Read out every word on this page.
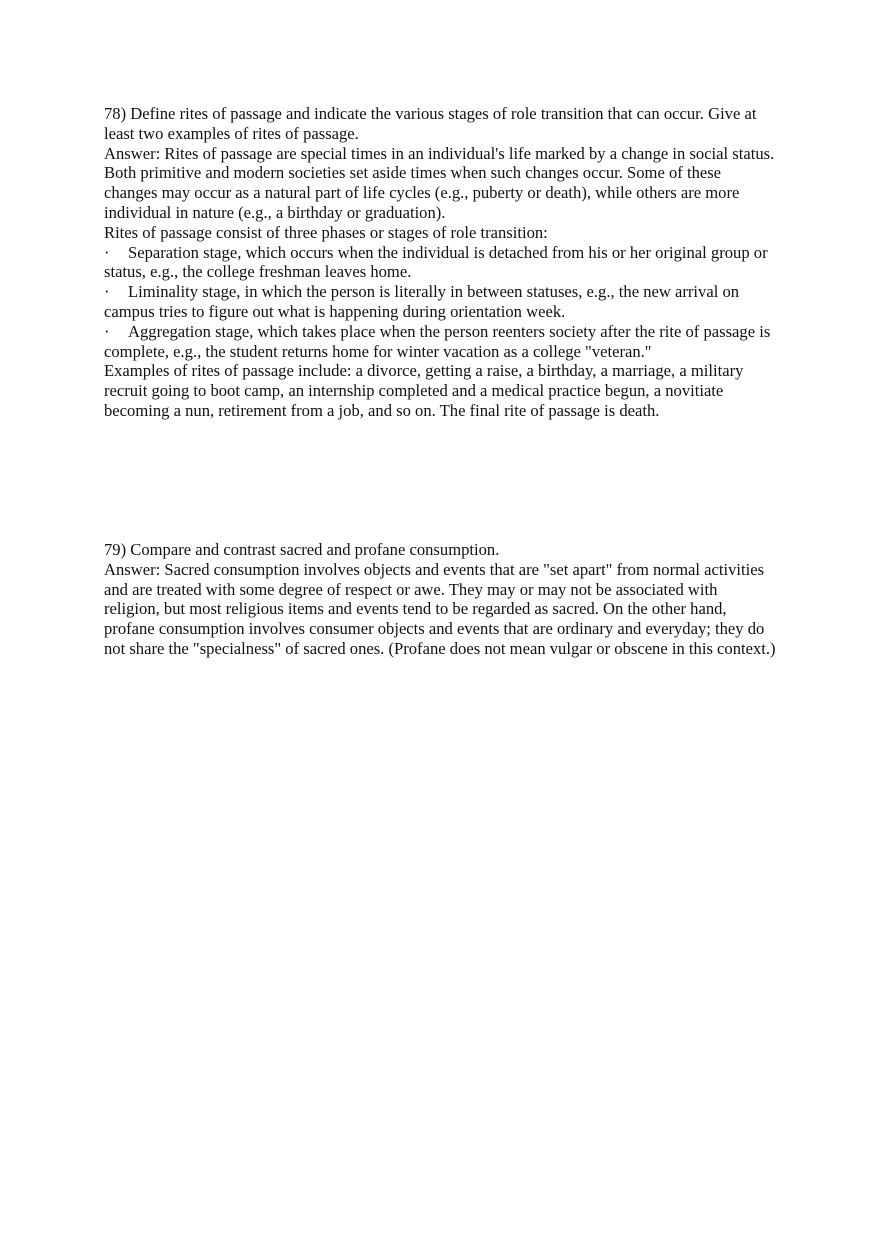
78) Define rites of passage and indicate the various stages of role transition that can occur. Give at least two examples of rites of passage.

Answer: Rites of passage are special times in an individual's life marked by a change in social status. Both primitive and modern societies set aside times when such changes occur. Some of these changes may occur as a natural part of life cycles (e.g., puberty or death), while others are more individual in nature (e.g., a birthday or graduation).

Rites of passage consist of three phases or stages of role transition:

· Separation stage, which occurs when the individual is detached from his or her original group or status, e.g., the college freshman leaves home.

· Liminality stage, in which the person is literally in between statuses, e.g., the new arrival on campus tries to figure out what is happening during orientation week.

· Aggregation stage, which takes place when the person reenters society after the rite of passage is complete, e.g., the student returns home for winter vacation as a college "veteran."

Examples of rites of passage include: a divorce, getting a raise, a birthday, a marriage, a military recruit going to boot camp, an internship completed and a medical practice begun, a novitiate becoming a nun, retirement from a job, and so on. The final rite of passage is death.

79) Compare and contrast sacred and profane consumption.

Answer: Sacred consumption involves objects and events that are "set apart" from normal activities and are treated with some degree of respect or awe. They may or may not be associated with religion, but most religious items and events tend to be regarded as sacred. On the other hand, profane consumption involves consumer objects and events that are ordinary and everyday; they do not share the "specialness" of sacred ones. (Profane does not mean vulgar or obscene in this context.)
